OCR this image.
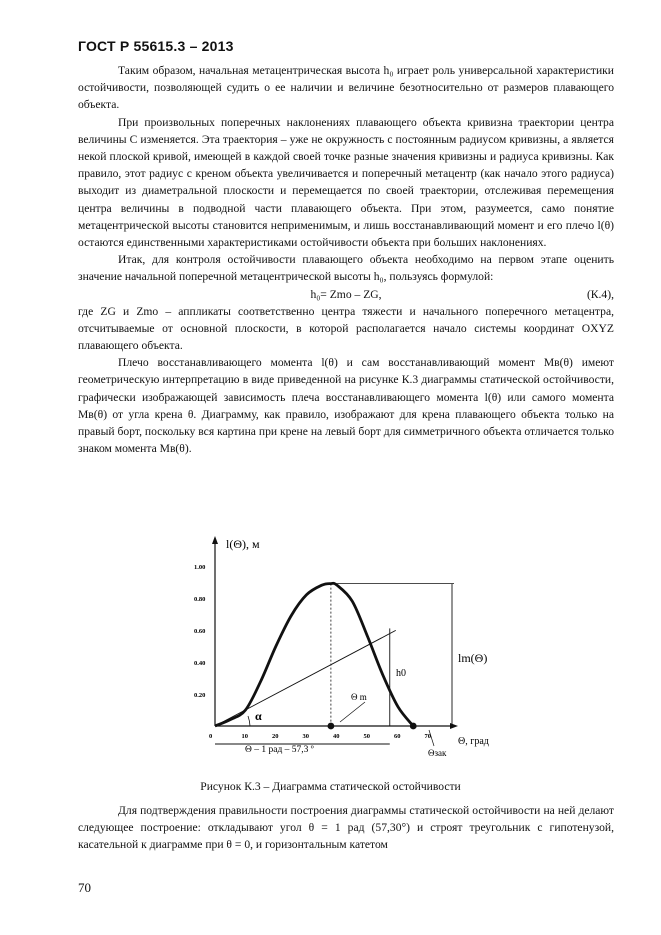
ГОСТ Р 55615.3 – 2013

Таким образом, начальная метацентрическая высота h₀ играет роль универсальной характеристики остойчивости, позволяющей судить о ее наличии и величине безотносительно от размеров плавающего объекта.

При произвольных поперечных наклонениях плавающего объекта кривизна траектории центра величины C изменяется. Эта траектория – уже не окружность с постоянным радиусом кривизны, а является некой плоской кривой, имеющей в каждой своей точке разные значения кривизны и радиуса кривизны. Как правило, этот радиус с креном объекта увеличивается и поперечный метацентр (как начало этого радиуса) выходит из диаметральной плоскости и перемещается по своей траектории, отслеживая перемещения центра величины в подводной части плавающего объекта. При этом, разумеется, само понятие метацентрической высоты становится неприменимым, и лишь восстанавливающий момент и его плечо l(θ) остаются единственными характеристиками остойчивости объекта при больших наклонениях.

Итак, для контроля остойчивости плавающего объекта необходимо на первом этапе оценить значение начальной поперечной метацентрической высоты h₀, пользуясь формулой:

h₀= Zmo – ZG,	(К.4),

где ZG и Zmo – аппликаты соответственно центра тяжести и начального поперечного метацентра, отсчитываемые от основной плоскости, в которой располагается начало системы координат OXYZ плавающего объекта.

Плечо восстанавливающего момента l(θ) и сам восстанавливающий момент Mв(θ) имеют геометрическую интерпретацию в виде приведенной на рисунке К.3 диаграммы статической остойчивости, графически изображающей зависимость плеча восстанавливающего момента l(θ) или самого момента Mв(θ) от угла крена θ. Диаграмму, как правило, изображают для крена плавающего объекта только на правый борт, поскольку вся картина при крене на левый борт для симметричного объекта отличается только знаком момента Mв(θ).

l(Θ), м
Θ, град
0.20
0.40
0.60
0.80
1.00
0	10	20	30	40	50	60	70
α
h0
Θ m
lm(Θ)
Θзак
Θ – 1 рад – 57,3 º
Рисунок К.3 – Диаграмма статической остойчивости

Для подтверждения правильности построения диаграммы статической остойчивости на ней делают следующее построение: откладывают угол θ = 1 рад (57,30°) и строят треугольник с гипотенузой, касательной к диаграмме при θ = 0, и горизонтальным катетом

70
